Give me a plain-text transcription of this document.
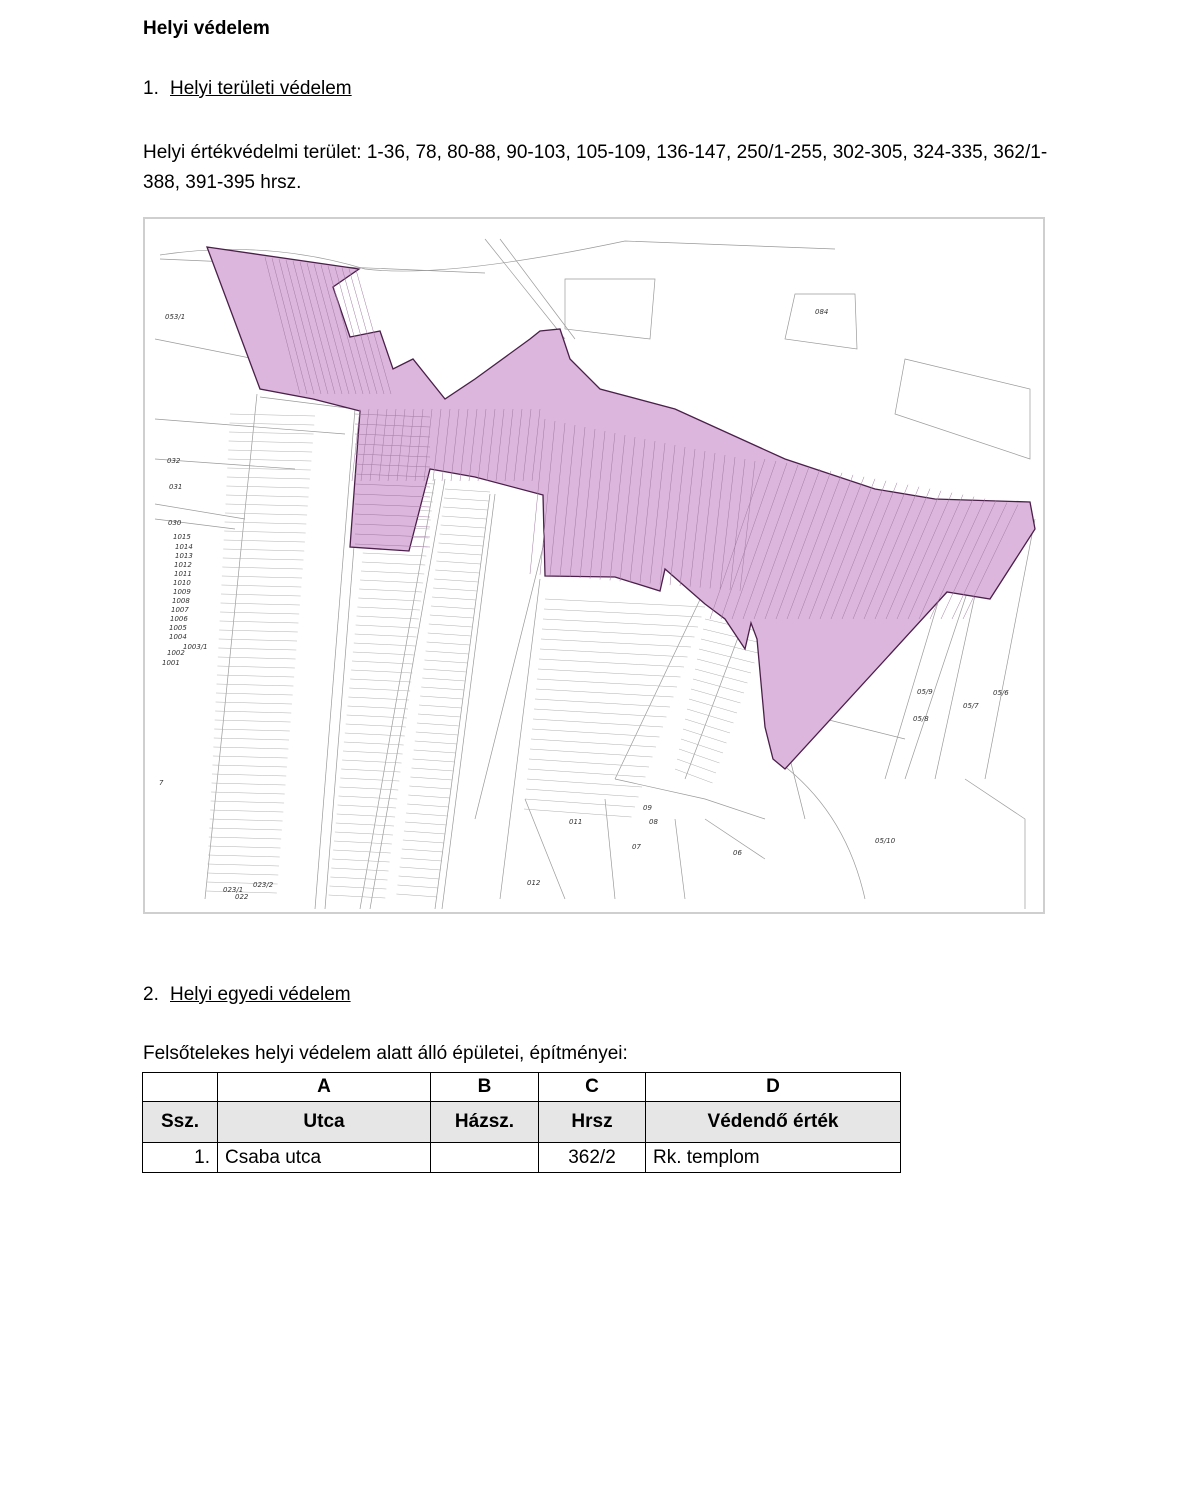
Helyi védelem
1. Helyi területi védelem
Helyi értékvédelmi terület: 1-36, 78, 80-88, 90-103, 105-109, 136-147, 250/1-255, 302-305, 324-335, 362/1-388, 391-395 hrsz.
053/1
084
032
031
030
1015
1014
1013
1012
1011
1010
1009
1008
1007
1006
1005
1004
1003/1
1002
1001
7
011
012
09
08
07
06
05/10
05/9
05/8
05/7
05/6
023/1
023/2
022
2. Helyi egyedi védelem
Felsőtelekes helyi védelem alatt álló épületei, építményei:
	A	B	C	D
Ssz.	Utca	Házsz.	Hrsz	Védendő érték
1.	Csaba utca		362/2	Rk. templom
